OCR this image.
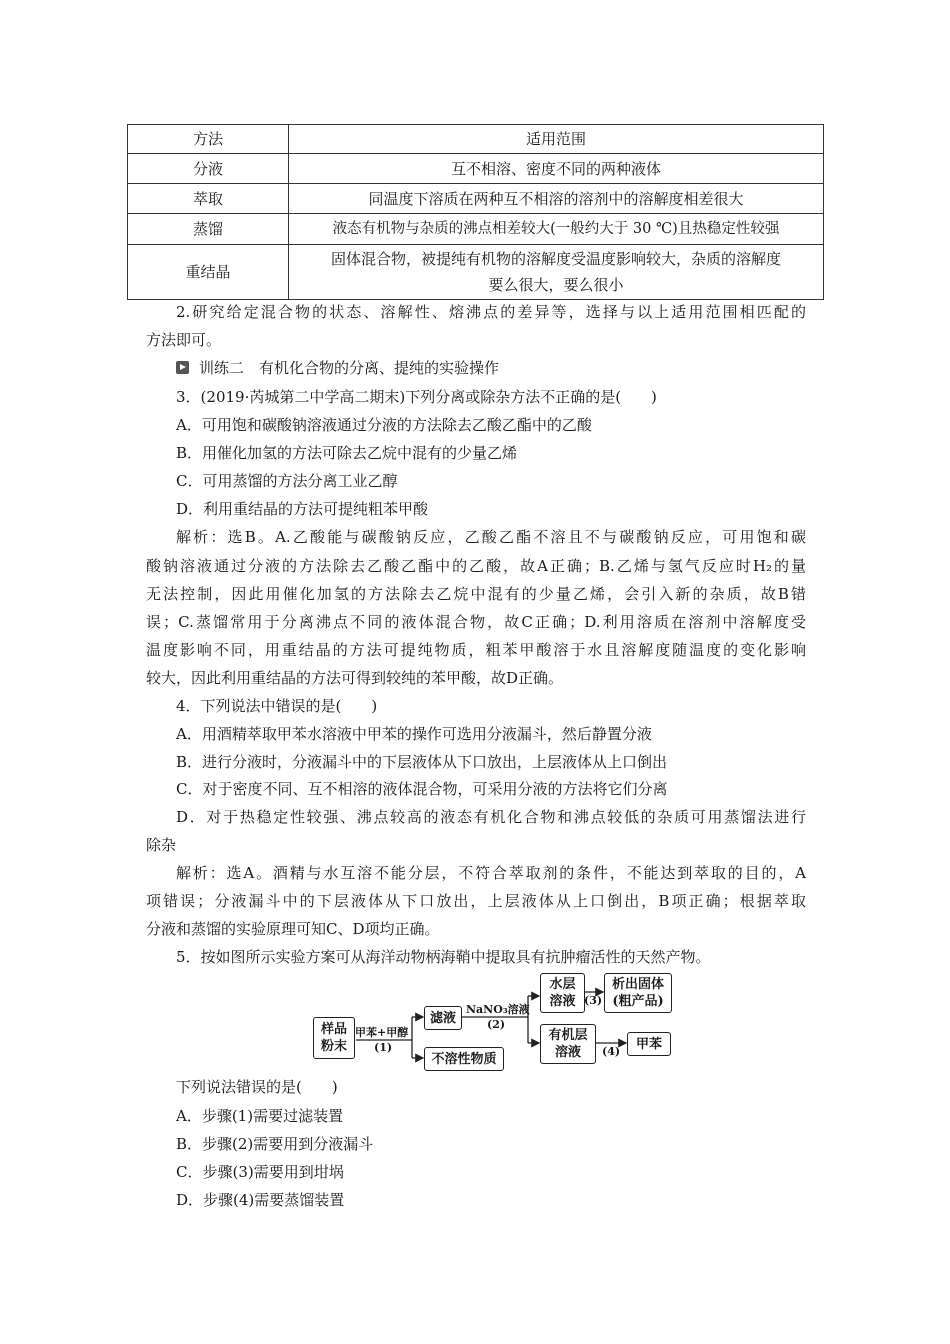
方法	适用范围
分液	互不相溶、密度不同的两种液体
萃取	同温度下溶质在两种互不相溶的溶剂中的溶解度相差很大
蒸馏	液态有机物与杂质的沸点相差较大(一般约大于 30 ℃)且热稳定性较强
重结晶	固体混合物，被提纯有机物的溶解度受温度影响较大，杂质的溶解度
要么很大，要么很小
2.研究给定混合物的状态、溶解性、熔沸点的差异等，选择与以上适用范围相匹配的
方法即可。
训练二　有机化合物的分离、提纯的实验操作
3．(2019·芮城第二中学高二期末)下列分离或除杂方法不正确的是(　　)
A．可用饱和碳酸钠溶液通过分液的方法除去乙酸乙酯中的乙酸
B．用催化加氢的方法可除去乙烷中混有的少量乙烯
C．可用蒸馏的方法分离工业乙醇
D．利用重结晶的方法可提纯粗苯甲酸
解析：选B。A.乙酸能与碳酸钠反应，乙酸乙酯不溶且不与碳酸钠反应，可用饱和碳
酸钠溶液通过分液的方法除去乙酸乙酯中的乙酸，故A正确；B.乙烯与氢气反应时H₂的量
无法控制，因此用催化加氢的方法除去乙烷中混有的少量乙烯，会引入新的杂质，故B错
误；C.蒸馏常用于分离沸点不同的液体混合物，故C正确；D.利用溶质在溶剂中溶解度受
温度影响不同，用重结晶的方法可提纯物质，粗苯甲酸溶于水且溶解度随温度的变化影响
较大，因此利用重结晶的方法可得到较纯的苯甲酸，故D正确。
4．下列说法中错误的是(　　)
A．用酒精萃取甲苯水溶液中甲苯的操作可选用分液漏斗，然后静置分液
B．进行分液时，分液漏斗中的下层液体从下口放出，上层液体从上口倒出
C．对于密度不同、互不相溶的液体混合物，可采用分液的方法将它们分离
D．对于热稳定性较强、沸点较高的液态有机化合物和沸点较低的杂质可用蒸馏法进行
除杂
解析：选A。酒精与水互溶不能分层，不符合萃取剂的条件，不能达到萃取的目的，A
项错误；分液漏斗中的下层液体从下口放出，上层液体从上口倒出，B项正确；根据萃取
分液和蒸馏的实验原理可知C、D项均正确。
5．按如图所示实验方案可从海洋动物柄海鞘中提取具有抗肿瘤活性的天然产物。
样品
粉末
甲苯+甲醇
(1)
滤液
不溶性物质
NaNO₃溶液
(2)
水层
溶液 (3)
析出固体
(粗产品)
有机层
溶液 (4)	甲苯
下列说法错误的是(　　)
A．步骤(1)需要过滤装置
B．步骤(2)需要用到分液漏斗
C．步骤(3)需要用到坩埚
D．步骤(4)需要蒸馏装置
